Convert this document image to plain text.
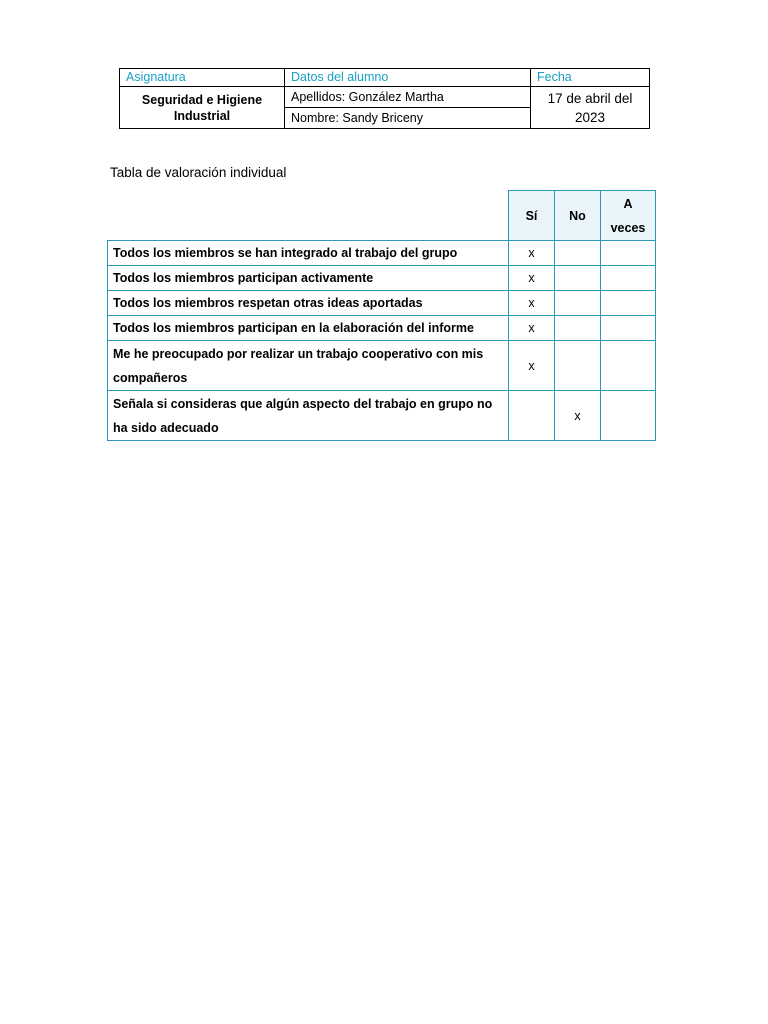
Asignatura	Datos del alumno	Fecha
Seguridad e Higiene Industrial	Apellidos: González Martha	17 de abril del 2023
	Nombre: Sandy Briceny	
Tabla de valoración individual
	Sí	No	A veces
Todos los miembros se han integrado al trabajo del grupo	x		
Todos los miembros participan activamente	x		
Todos los miembros respetan otras ideas aportadas	x		
Todos los miembros participan en la elaboración del informe	x		
Me he preocupado por realizar un trabajo cooperativo con mis compañeros	x		
Señala si consideras que algún aspecto del trabajo en grupo no ha sido adecuado		x	
